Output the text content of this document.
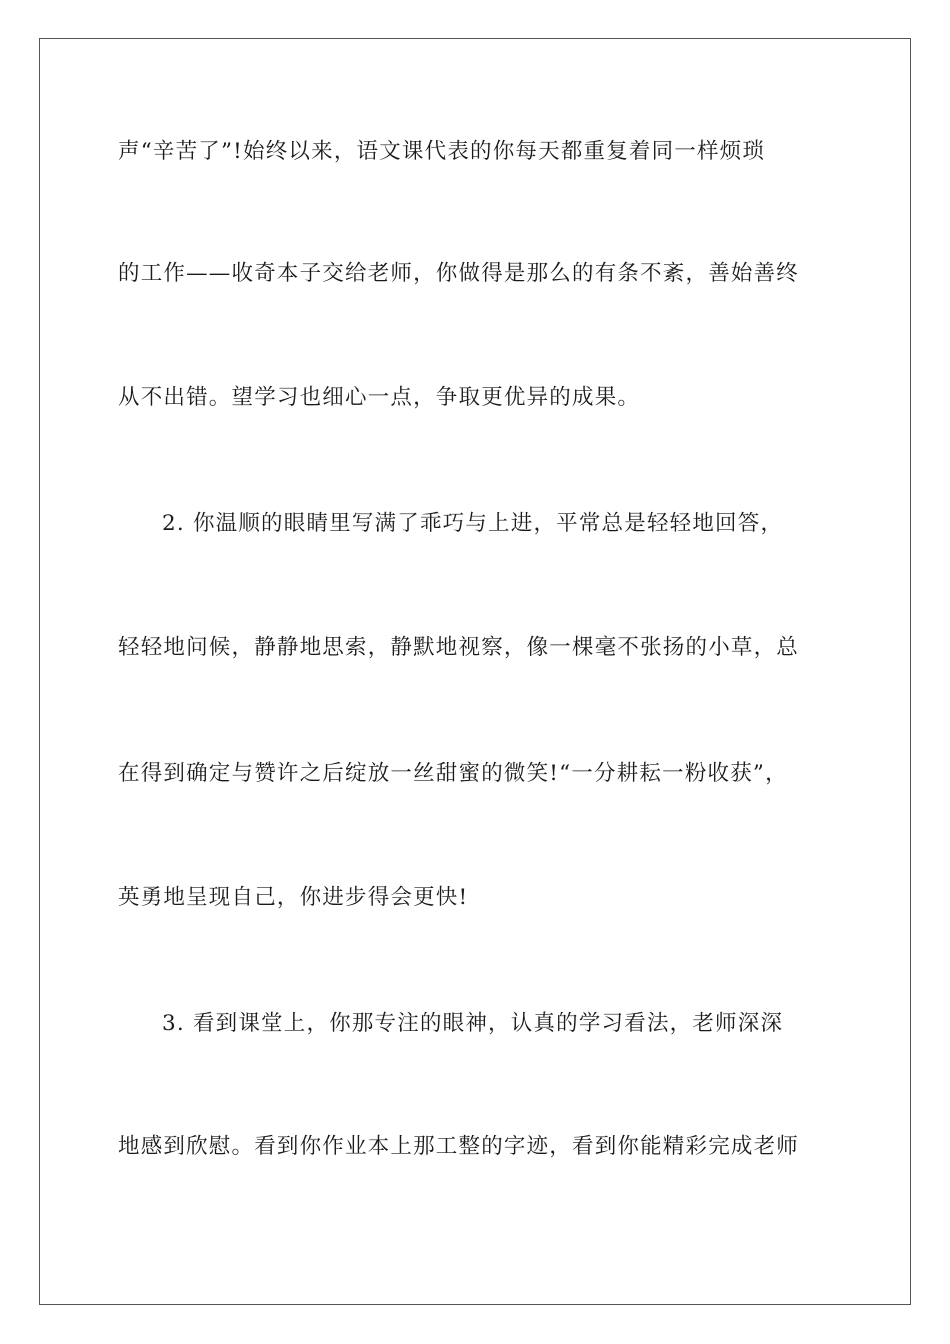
声“辛苦了”!始终以来，语文课代表的你每天都重复着同一样烦琐
的工作——收奇本子交给老师，你做得是那么的有条不紊，善始善终
从不出错。望学习也细心一点，争取更优异的成果。
2. 你温顺的眼睛里写满了乖巧与上进，平常总是轻轻地回答，
轻轻地问候，静静地思索，静默地视察，像一棵毫不张扬的小草，总
在得到确定与赞许之后绽放一丝甜蜜的微笑!“一分耕耘一粉收获”，
英勇地呈现自己，你进步得会更快!
3. 看到课堂上，你那专注的眼神，认真的学习看法，老师深深
地感到欣慰。看到你作业本上那工整的字迹，看到你能精彩完成老师
